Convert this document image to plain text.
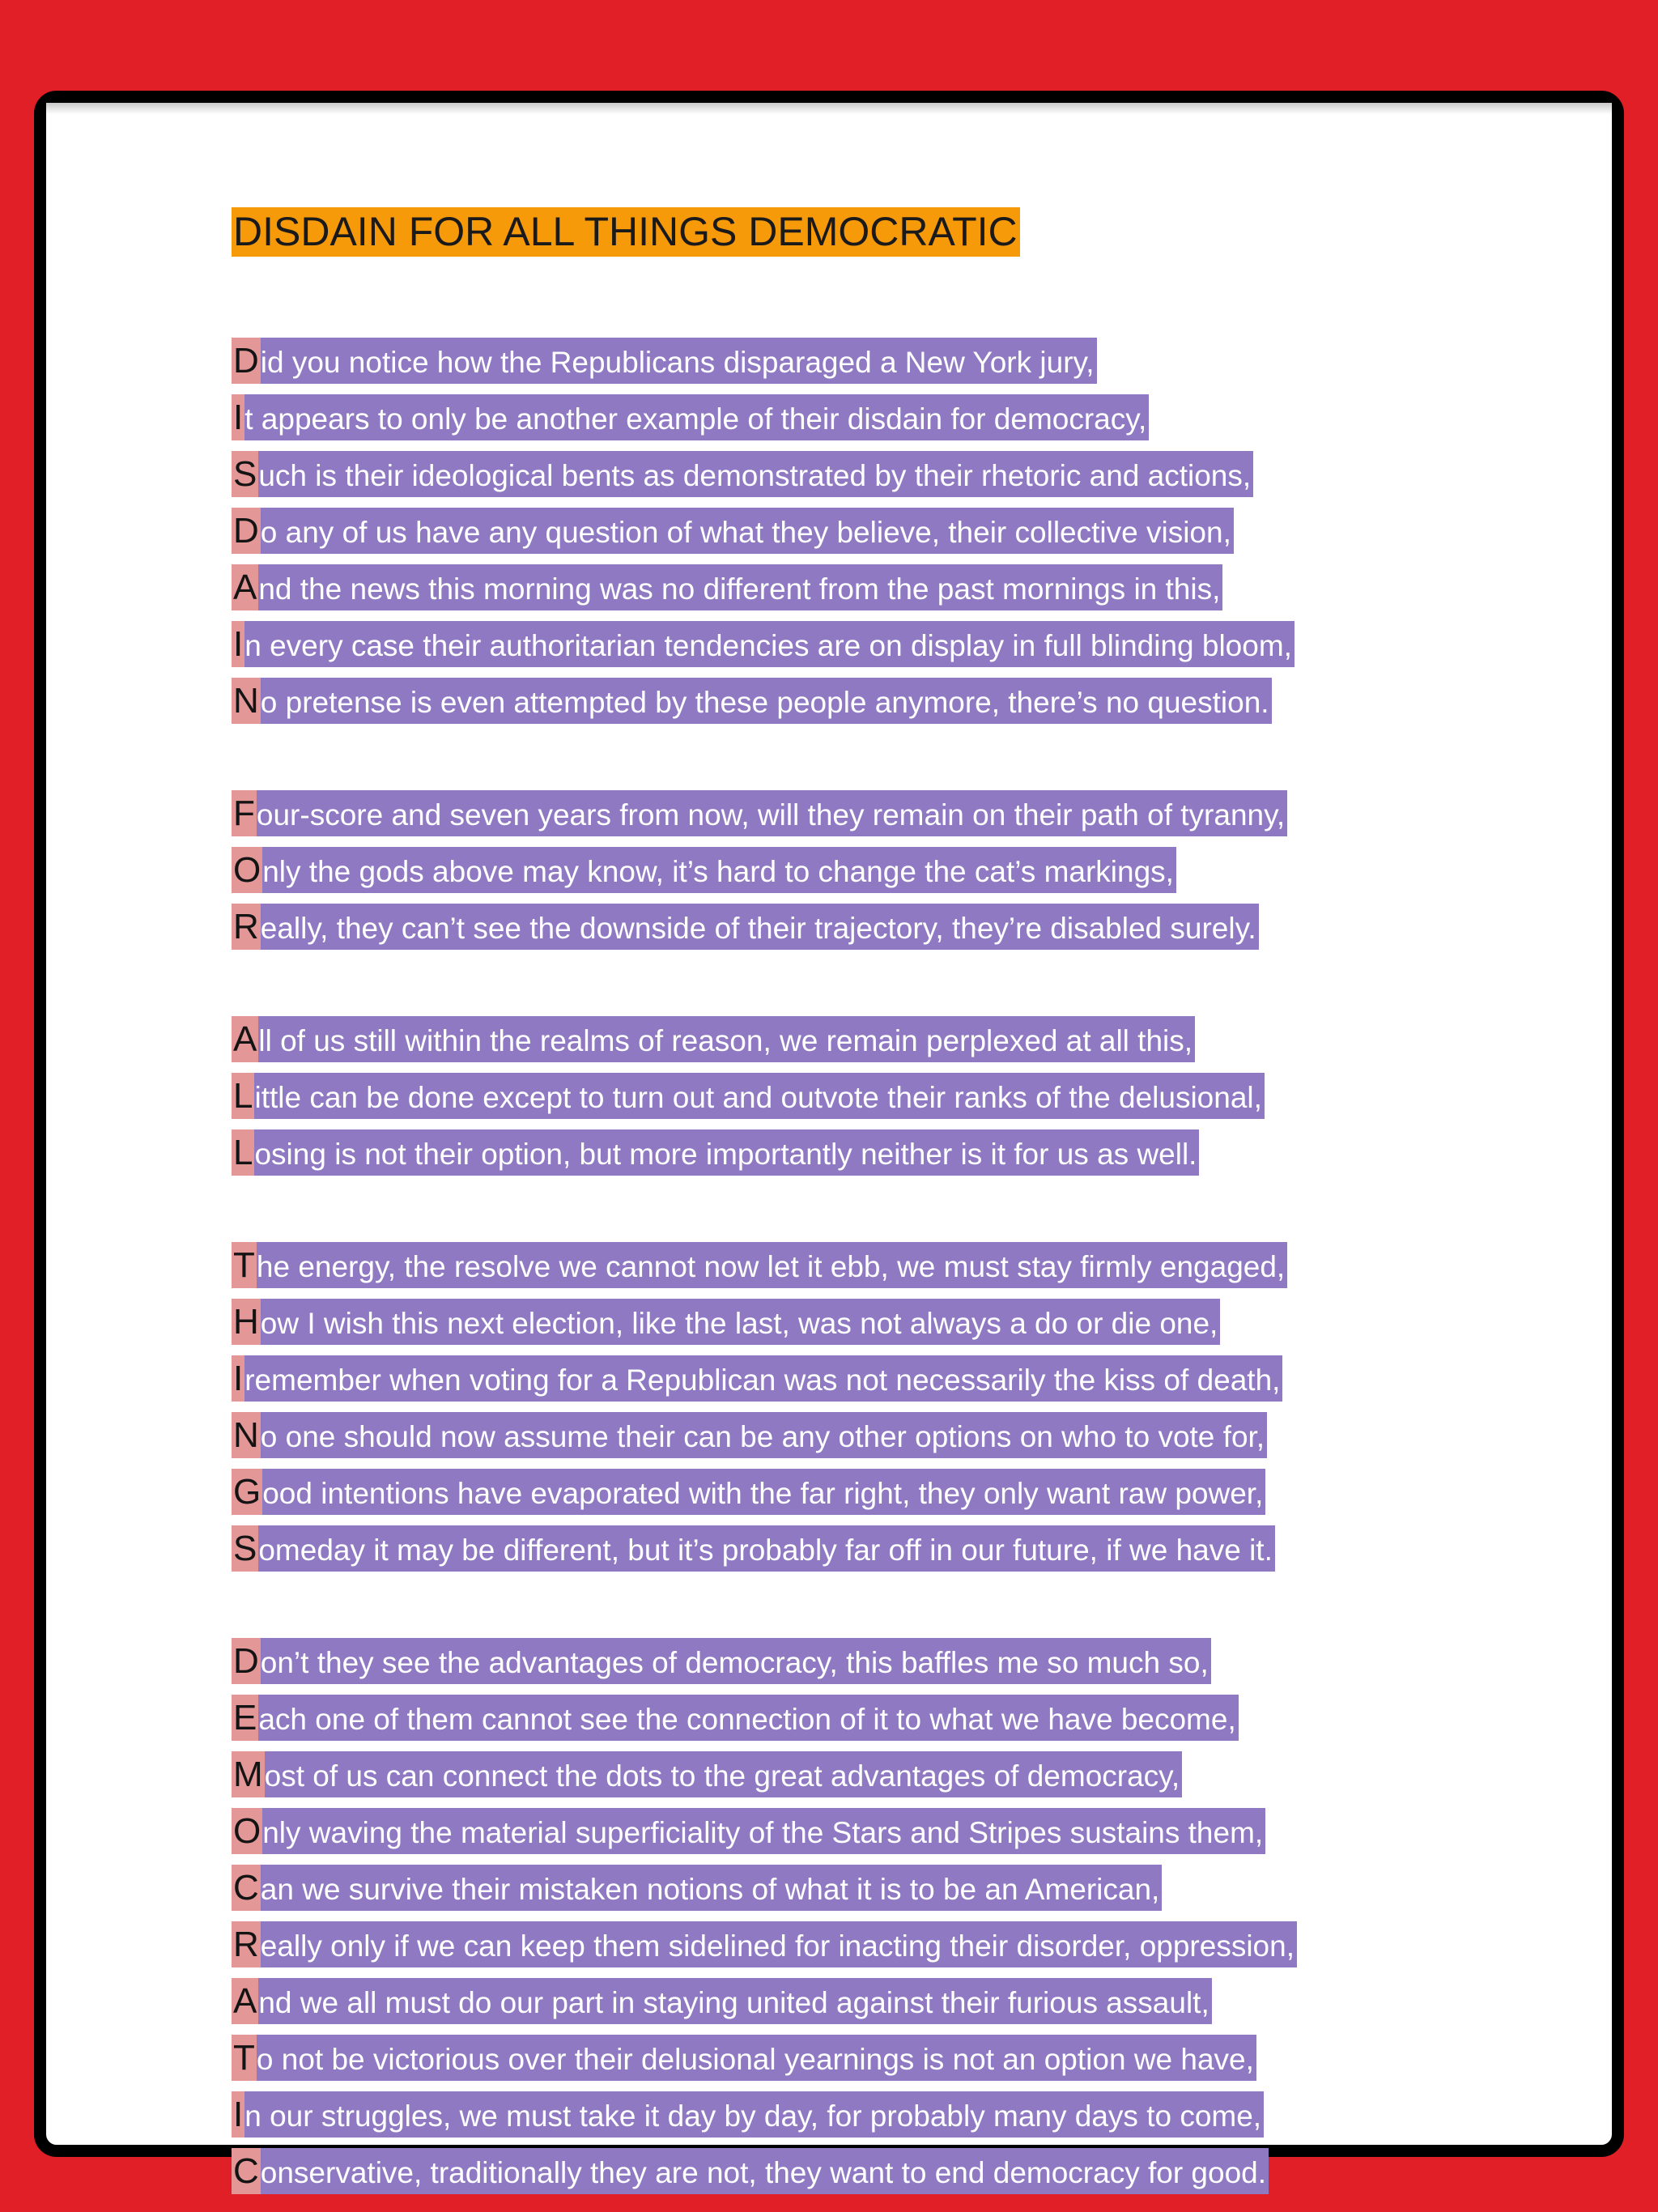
DISDAIN FOR ALL THINGS DEMOCRATIC
D id you notice how the Republicans disparaged a New York jury,
I t appears to only be another example of their disdain for democracy,
S uch is their ideological bents as demonstrated by their rhetoric and actions,
D o any of us have any question of what they believe, their collective vision,
A nd the news this morning was no different from the past mornings in this,
I n every case their authoritarian tendencies are on display in full blinding bloom,
N o pretense is even attempted by these people anymore, there’s no question.
F our-score and seven years from now, will they remain on their path of tyranny,
O nly the gods above may know, it’s hard to change the cat’s markings,
R eally, they can’t see the downside of their trajectory, they’re disabled surely.
A ll of us still within the realms of reason, we remain perplexed at all this,
L ittle can be done except to turn out and outvote their ranks of the delusional,
L osing is not their option, but more importantly neither is it for us as well.
T he energy, the resolve we cannot now let it ebb, we must stay firmly engaged,
H ow I wish this next election, like the last, was not always a do or die one,
I remember when voting for a Republican was not necessarily the kiss of death,
N o one should now assume their can be any other options on who to vote for,
G ood intentions have evaporated with the far right, they only want raw power,
S omeday it may be different, but it’s probably far off in our future, if we have it.
D on’t they see the advantages of democracy, this baffles me so much so,
E ach one of them cannot see the connection of it to what we have become,
M ost of us can connect the dots to the great advantages of democracy,
O nly waving the material superficiality of the Stars and Stripes sustains them,
C an we survive their mistaken notions of what it is to be an American,
R eally only if we can keep them sidelined for inacting their disorder, oppression,
A nd we all must do our part in staying united against their furious assault,
T o not be victorious over their delusional yearnings is not an option we have,
I n our struggles, we must take it day by day, for probably many days to come,
C onservative, traditionally they are not, they want to end democracy for good.
